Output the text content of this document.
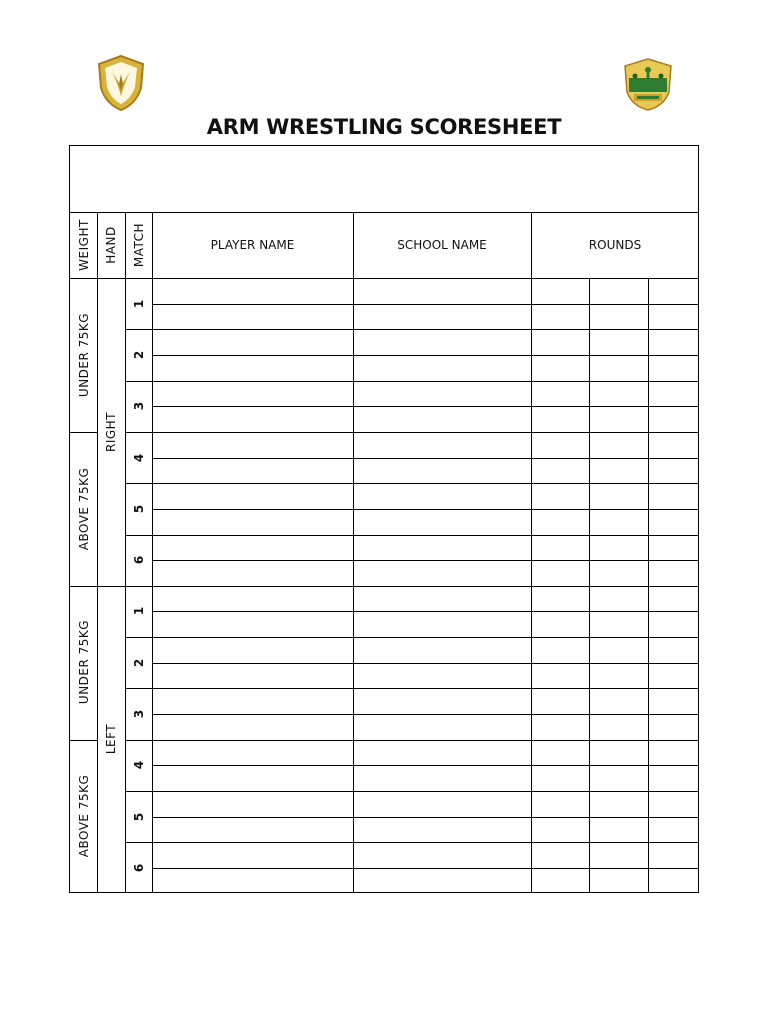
ARM WRESTLING SCORESHEET
PLAYER NAME	SCHOOL NAME	ROUNDS
WEIGHT HAND MATCH
UNDER 75KG
ABOVE 75KG
UNDER 75KG
ABOVE 75KG
RIGHT
LEFT
1
2
3
4
5
6
1
2
3
4
5
6
